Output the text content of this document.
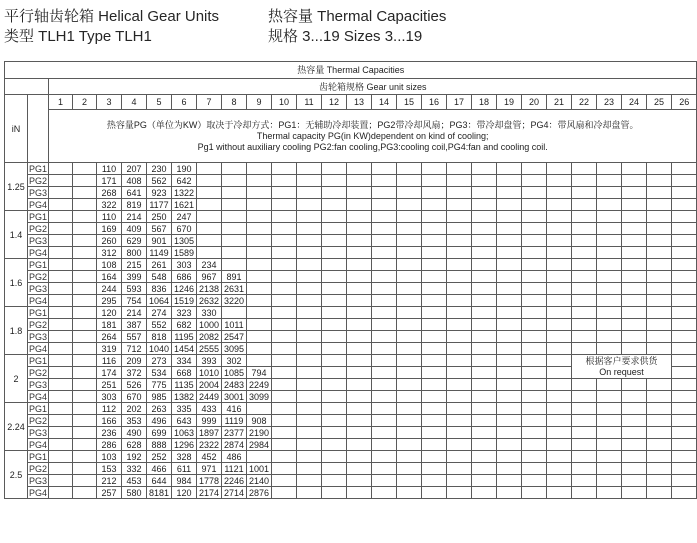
平行轴齿轮箱 Helical Gear Units
类型 TLH1 Type TLH1
热容量 Thermal Capacities
规格 3...19 Sizes 3...19
热容量 Thermal Capacities																											
		齿轮箱规格 Gear unit sizes																									
iN		1	2	3	4	5	6	7	8	9	10	11	12	13	14	15	16	17	18	19	20	21	22	23	24	25	26

		热容量PG（单位为KW）取决于冷却方式：PG1：无辅助冷却装置；PG2带冷却风扇；PG3：带冷却盘管；PG4：带风扇和冷却盘管。
Thermal capacity PG(in KW)dependent on kind of cooling;
Pg1 without auxiliary cooling PG2:fan cooling,PG3:cooling coil,PG4:fan and cooling coil.																									

1.25	PG1			110	207	230	190																				
	PG2			171	408	562	642																				
	PG3			268	641	923	1322																				
	PG4			322	819	1177	1621																				
1.4	PG1			110	214	250	247																				
	PG2			169	409	567	670																				
	PG3			260	629	901	1305																				
	PG4			312	800	1149	1589																				
1.6	PG1			108	215	261	303	234																			
	PG2			164	399	548	686	967	891																		
	PG3			244	593	836	1246	2138	2631																		
	PG4			295	754	1064	1519	2632	3220																		
1.8	PG1			120	214	274	323	330																			
	PG2			181	387	552	682	1000	1011																		
	PG3			264	557	818	1195	2082	2547																		
	PG4			319	712	1040	1454	2555	3095																		
2	PG1			116	209	273	334	393	302														根据客户要求供货
On request				

	PG2			174	372	534	668	1010	1085	794																	
	PG3			251	526	775	1135	2004	2483	2249																	
	PG4			303	670	985	1382	2449	3001	3099																	
2.24	PG1			112	202	263	335	433	416																		
	PG2			166	353	496	643	999	1119	908																	
	PG3			236	490	699	1063	1897	2377	2190																	
	PG4			286	628	888	1296	2322	2874	2984																	
2.5	PG1			103	192	252	328	452	486																		
	PG2			153	332	466	611	971	1121	1001																	
	PG3			212	453	644	984	1778	2246	2140																	
	PG4			257	580	8181	120	2174	2714	2876																	
